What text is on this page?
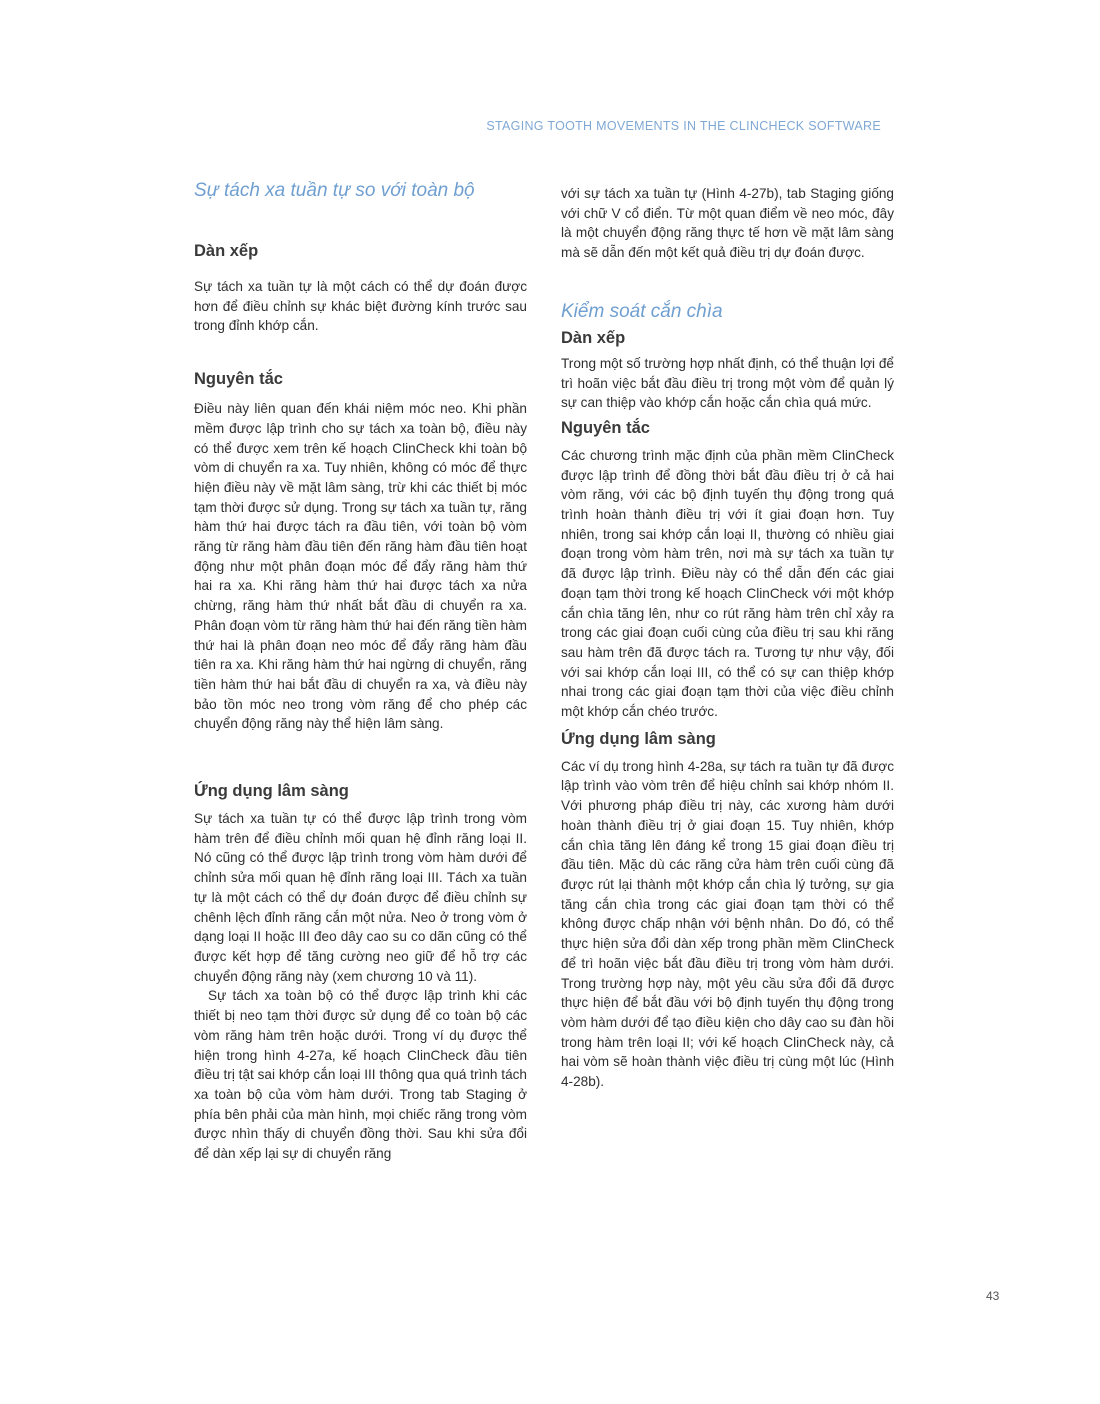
STAGING TOOTH MOVEMENTS IN THE CLINCHECK SOFTWARE
Sự tách xa tuần tự so với toàn bộ
Dàn xếp

Sự tách xa tuần tự là một cách có thể dự đoán được hơn để điều chỉnh sự khác biệt đường kính trước sau trong đỉnh khớp cắn.

Nguyên tắc

Điều này liên quan đến khái niệm móc neo. Khi phần mềm được lập trình cho sự tách xa toàn bộ, điều này có thể được xem trên kế hoạch ClinCheck khi toàn bộ vòm di chuyển ra xa. Tuy nhiên, không có móc để thực hiện điều này về mặt lâm sàng, trừ khi các thiết bị móc tạm thời được sử dụng. Trong sự tách xa tuần tự, răng hàm thứ hai được tách ra đầu tiên, với toàn bộ vòm răng từ răng hàm đầu tiên đến răng hàm đầu tiên hoạt động như một phân đoạn móc để đẩy răng hàm thứ hai ra xa. Khi răng hàm thứ hai được tách xa nửa chừng, răng hàm thứ nhất bắt đầu di chuyển ra xa. Phân đoạn vòm từ răng hàm thứ hai đến răng tiền hàm thứ hai là phân đoạn neo móc để đẩy răng hàm đầu tiên ra xa. Khi răng hàm thứ hai ngừng di chuyển, răng tiền hàm thứ hai bắt đầu di chuyển ra xa, và điều này bảo tồn móc neo trong vòm răng để cho phép các chuyển động răng này thể hiện lâm sàng.

Ứng dụng lâm sàng

Sự tách xa tuần tự có thể được lập trình trong vòm hàm trên để điều chỉnh mối quan hệ đỉnh răng loại II. Nó cũng có thể được lập trình trong vòm hàm dưới để chỉnh sửa mối quan hệ đỉnh răng loại III. Tách xa tuần tự là một cách có thể dự đoán được để điều chỉnh sự chênh lệch đỉnh răng cắn một nửa. Neo ở trong vòm ở dạng loại II hoặc III đeo dây cao su co dãn cũng có thể được kết hợp để tăng cường neo giữ để hỗ trợ các chuyển động răng này (xem chương 10 và 11).

Sự tách xa toàn bộ có thể được lập trình khi các thiết bị neo tạm thời được sử dụng để co toàn bộ các vòm răng hàm trên hoặc dưới. Trong ví dụ được thể hiện trong hình 4-27a, kế hoạch ClinCheck đầu tiên điều trị tật sai khớp cắn loại III thông qua quá trình tách xa toàn bộ của vòm hàm dưới. Trong tab Staging ở phía bên phải của màn hình, mọi chiếc răng trong vòm được nhìn thấy di chuyển đồng thời. Sau khi sửa đổi để dàn xếp lại sự di chuyển răng

với sự tách xa tuần tự (Hình 4-27b), tab Staging giống với chữ V cổ điển. Từ một quan điểm về neo móc, đây là một chuyển động răng thực tế hơn về mặt lâm sàng mà sẽ dẫn đến một kết quả điều trị dự đoán được.

Kiểm soát cắn chìa
Dàn xếp

Trong một số trường hợp nhất định, có thể thuận lợi để trì hoãn việc bắt đầu điều trị trong một vòm để quản lý sự can thiệp vào khớp cắn hoặc cắn chìa quá mức.

Nguyên tắc

Các chương trình mặc định của phần mềm ClinCheck được lập trình để đồng thời bắt đầu điều trị ở cả hai vòm răng, với các bộ định tuyến thụ động trong quá trình hoàn thành điều trị với ít giai đoạn hơn. Tuy nhiên, trong sai khớp cắn loại II, thường có nhiều giai đoạn trong vòm hàm trên, nơi mà sự tách xa tuần tự đã được lập trình. Điều này có thể dẫn đến các giai đoạn tạm thời trong kế hoạch ClinCheck với một khớp cắn chìa tăng lên, như co rút răng hàm trên chỉ xảy ra trong các giai đoạn cuối cùng của điều trị sau khi răng sau hàm trên đã được tách ra. Tương tự như vậy, đối với sai khớp cắn loại III, có thể có sự can thiệp khớp nhai trong các giai đoạn tạm thời của việc điều chỉnh một khớp cắn chéo trước.

Ứng dụng lâm sàng

Các ví dụ trong hình 4-28a, sự tách ra tuần tự đã được lập trình vào vòm trên để hiệu chỉnh sai khớp nhóm II. Với phương pháp điều trị này, các xương hàm dưới hoàn thành điều trị ở giai đoạn 15. Tuy nhiên, khớp cắn chìa tăng lên đáng kể trong 15 giai đoạn điều trị đầu tiên. Mặc dù các răng cửa hàm trên cuối cùng đã được rút lại thành một khớp cắn chìa lý tưởng, sự gia tăng cắn chìa trong các giai đoạn tạm thời có thể không được chấp nhận với bệnh nhân. Do đó, có thể thực hiện sửa đổi dàn xếp trong phần mềm ClinCheck để trì hoãn việc bắt đầu điều trị trong vòm hàm dưới. Trong trường hợp này, một yêu cầu sửa đổi đã được thực hiện để bắt đầu với bộ định tuyến thụ động trong vòm hàm dưới để tạo điều kiện cho dây cao su đàn hồi trong hàm trên loại II; với kế hoạch ClinCheck này, cả hai vòm sẽ hoàn thành việc điều trị cùng một lúc (Hình 4-28b).

43
